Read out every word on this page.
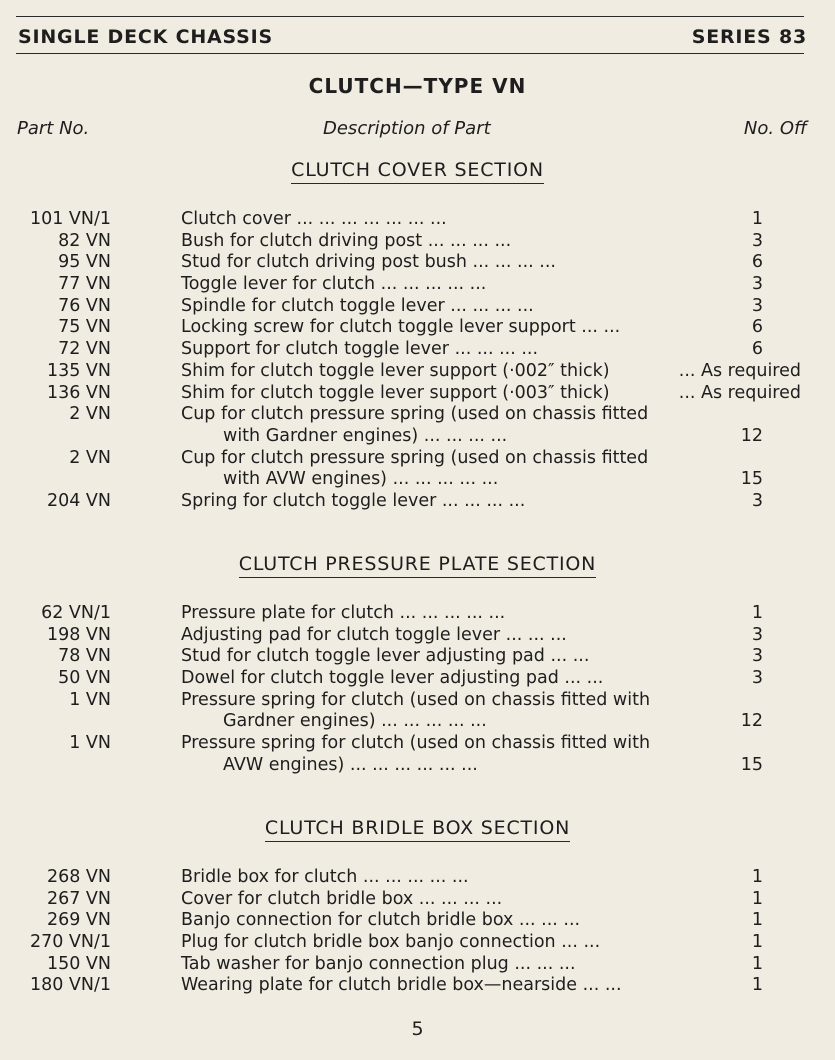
SINGLE DECK CHASSIS	SERIES 83
CLUTCH—TYPE VN
Part No.	Description of Part	No. Off
CLUTCH COVER SECTION
101 VN/1	Clutch cover ... ... ... ... ... ... ...	1
82 VN	Bush for clutch driving post ... ... ... ...	3
95 VN	Stud for clutch driving post bush ... ... ... ...	6
77 VN	Toggle lever for clutch ... ... ... ... ...	3
76 VN	Spindle for clutch toggle lever ... ... ... ...	3
75 VN	Locking screw for clutch toggle lever support ... ...	6
72 VN	Support for clutch toggle lever ... ... ... ...	6
135 VN	Shim for clutch toggle lever support (·002″ thick)	... As required
136 VN	Shim for clutch toggle lever support (·003″ thick)	... As required
2 VN	Cup for clutch pressure spring (used on chassis fitted
with Gardner engines) ... ... ... ...	12
2 VN	Cup for clutch pressure spring (used on chassis fitted
with AVW engines) ... ... ... ... ...	15
204 VN	Spring for clutch toggle lever ... ... ... ...	3
CLUTCH PRESSURE PLATE SECTION
62 VN/1	Pressure plate for clutch ... ... ... ... ...	1
198 VN	Adjusting pad for clutch toggle lever ... ... ...	3
78 VN	Stud for clutch toggle lever adjusting pad ... ...	3
50 VN	Dowel for clutch toggle lever adjusting pad ... ...	3
1 VN	Pressure spring for clutch (used on chassis fitted with
Gardner engines) ... ... ... ... ...	12
1 VN	Pressure spring for clutch (used on chassis fitted with
AVW engines) ... ... ... ... ... ...	15
CLUTCH BRIDLE BOX SECTION
268 VN	Bridle box for clutch ... ... ... ... ...	1
267 VN	Cover for clutch bridle box ... ... ... ...	1
269 VN	Banjo connection for clutch bridle box ... ... ...	1
270 VN/1	Plug for clutch bridle box banjo connection ... ...	1
150 VN	Tab washer for banjo connection plug ... ... ...	1
180 VN/1	Wearing plate for clutch bridle box—nearside ... ...	1
5
